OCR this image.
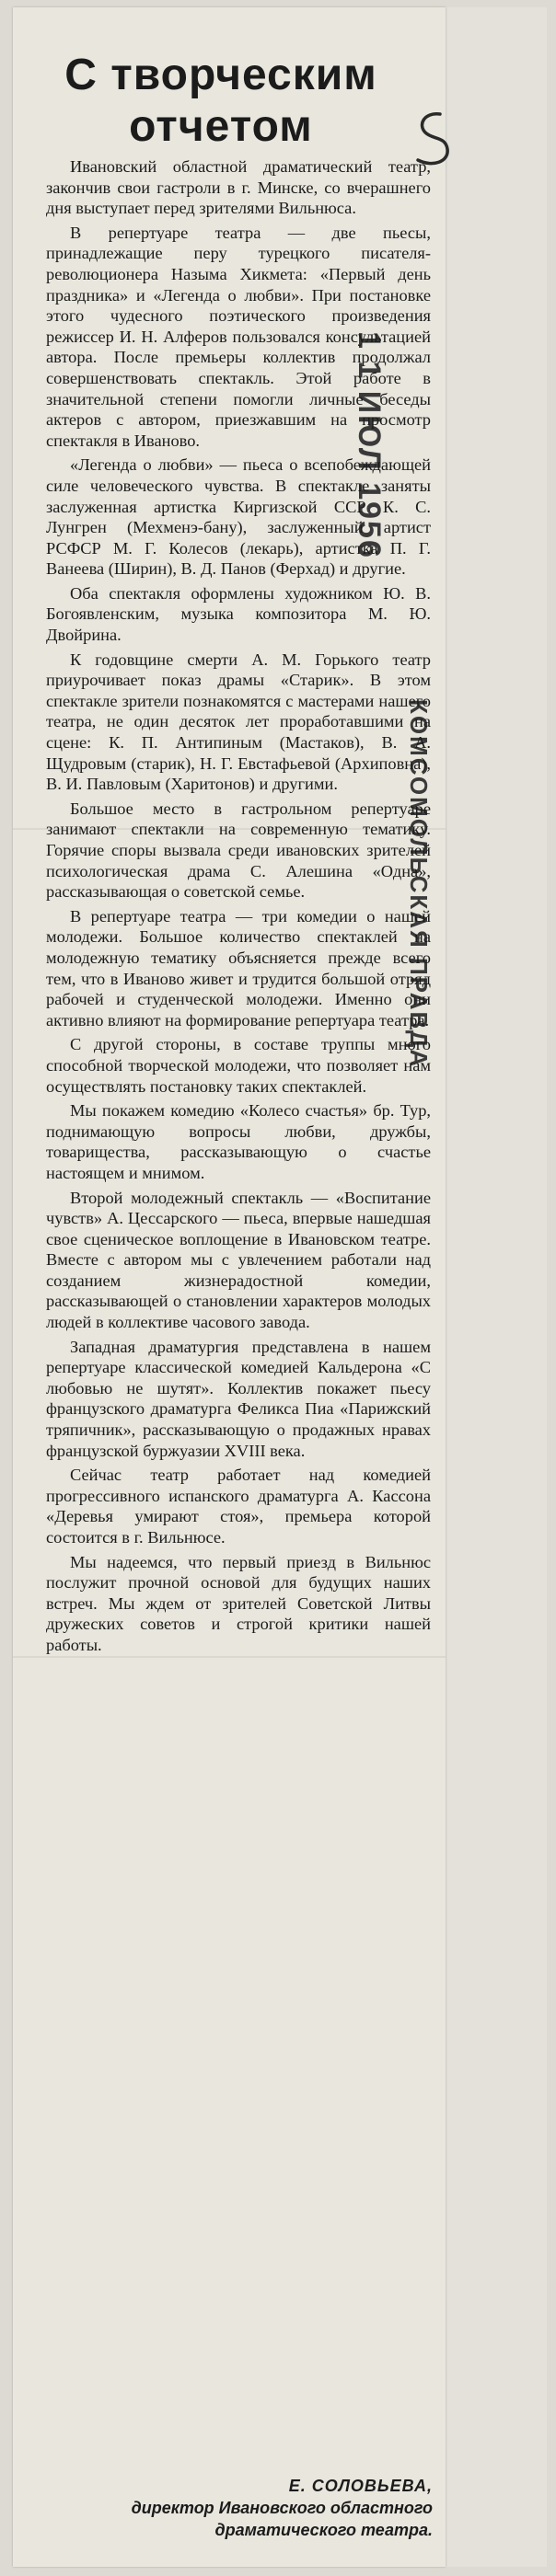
С творческим отчетом
1 1 ИЮЛ 1956
КОМСОМОЛЬСКАЯ ПРАВДА

Ивановский областной драматический театр, закончив свои гастроли в г. Минске, со вчерашнего дня выступает перед зрителями Вильнюса.

В репертуаре театра — две пьесы, принадлежащие перу турецкого писателя-революционера Назыма Хикмета: «Первый день праздника» и «Легенда о любви». При постановке этого чудесного поэтического произведения режиссер И. Н. Алферов пользовался консультацией автора. После премьеры коллектив продолжал совершенствовать спектакль. Этой работе в значительной степени помогли личные беседы актеров с автором, приезжавшим на просмотр спектакля в Иваново.

«Легенда о любви» — пьеса о всепобеждающей силе человеческого чувства. В спектакле заняты заслуженная артистка Киргизской ССР К. С. Лунгрен (Мехменэ-бану), заслуженный артист РСФСР М. Г. Колесов (лекарь), артистка П. Г. Ванеева (Ширин), В. Д. Панов (Ферхад) и другие.

Оба спектакля оформлены художником Ю. В. Богоявленским, музыка композитора М. Ю. Двойрина.

К годовщине смерти А. М. Горького театр приурочивает показ драмы «Старик». В этом спектакле зрители познакомятся с мастерами нашего театра, не один десяток лет проработавшими на сцене: К. П. Антипиным (Мастаков), В. А. Щудровым (старик), Н. Г. Евстафьевой (Архиповна), В. И. Павловым (Харитонов) и другими.

Большое место в гастрольном репертуаре занимают спектакли на современную тематику. Горячие споры вызвала среди ивановских зрителей психологическая драма С. Алешина «Одна», рассказывающая о советской семье.

В репертуаре театра — три комедии о нашей молодежи. Большое количество спектаклей на молодежную тематику объясняется прежде всего тем, что в Иваново живет и трудится большой отряд рабочей и студенческой молодежи. Именно они активно влияют на формирование репертуара театра.

С другой стороны, в составе труппы много способной творческой молодежи, что позволяет нам осуществлять постановку таких спектаклей.

Мы покажем комедию «Колесо счастья» бр. Тур, поднимающую вопросы любви, дружбы, товарищества, рассказывающую о счастье настоящем и мнимом.

Второй молодежный спектакль — «Воспитание чувств» А. Цессарского — пьеса, впервые нашедшая свое сценическое воплощение в Ивановском театре. Вместе с автором мы с увлечением работали над созданием жизнерадостной комедии, рассказывающей о становлении характеров молодых людей в коллективе часового завода.

Западная драматургия представлена в нашем репертуаре классической комедией Кальдерона «С любовью не шутят». Коллектив покажет пьесу французского драматурга Феликса Пиа «Парижский тряпичник», рассказывающую о продажных нравах французской буржуазии XVIII века.

Сейчас театр работает над комедией прогрессивного испанского драматурга А. Кассона «Деревья умирают стоя», премьера которой состоится в г. Вильнюсе.

Мы надеемся, что первый приезд в Вильнюс послужит прочной основой для будущих наших встреч. Мы ждем от зрителей Советской Литвы дружеских советов и строгой критики нашей работы.

Е. СОЛОВЬЕВА,
директор Ивановского областного
драматического театра.
